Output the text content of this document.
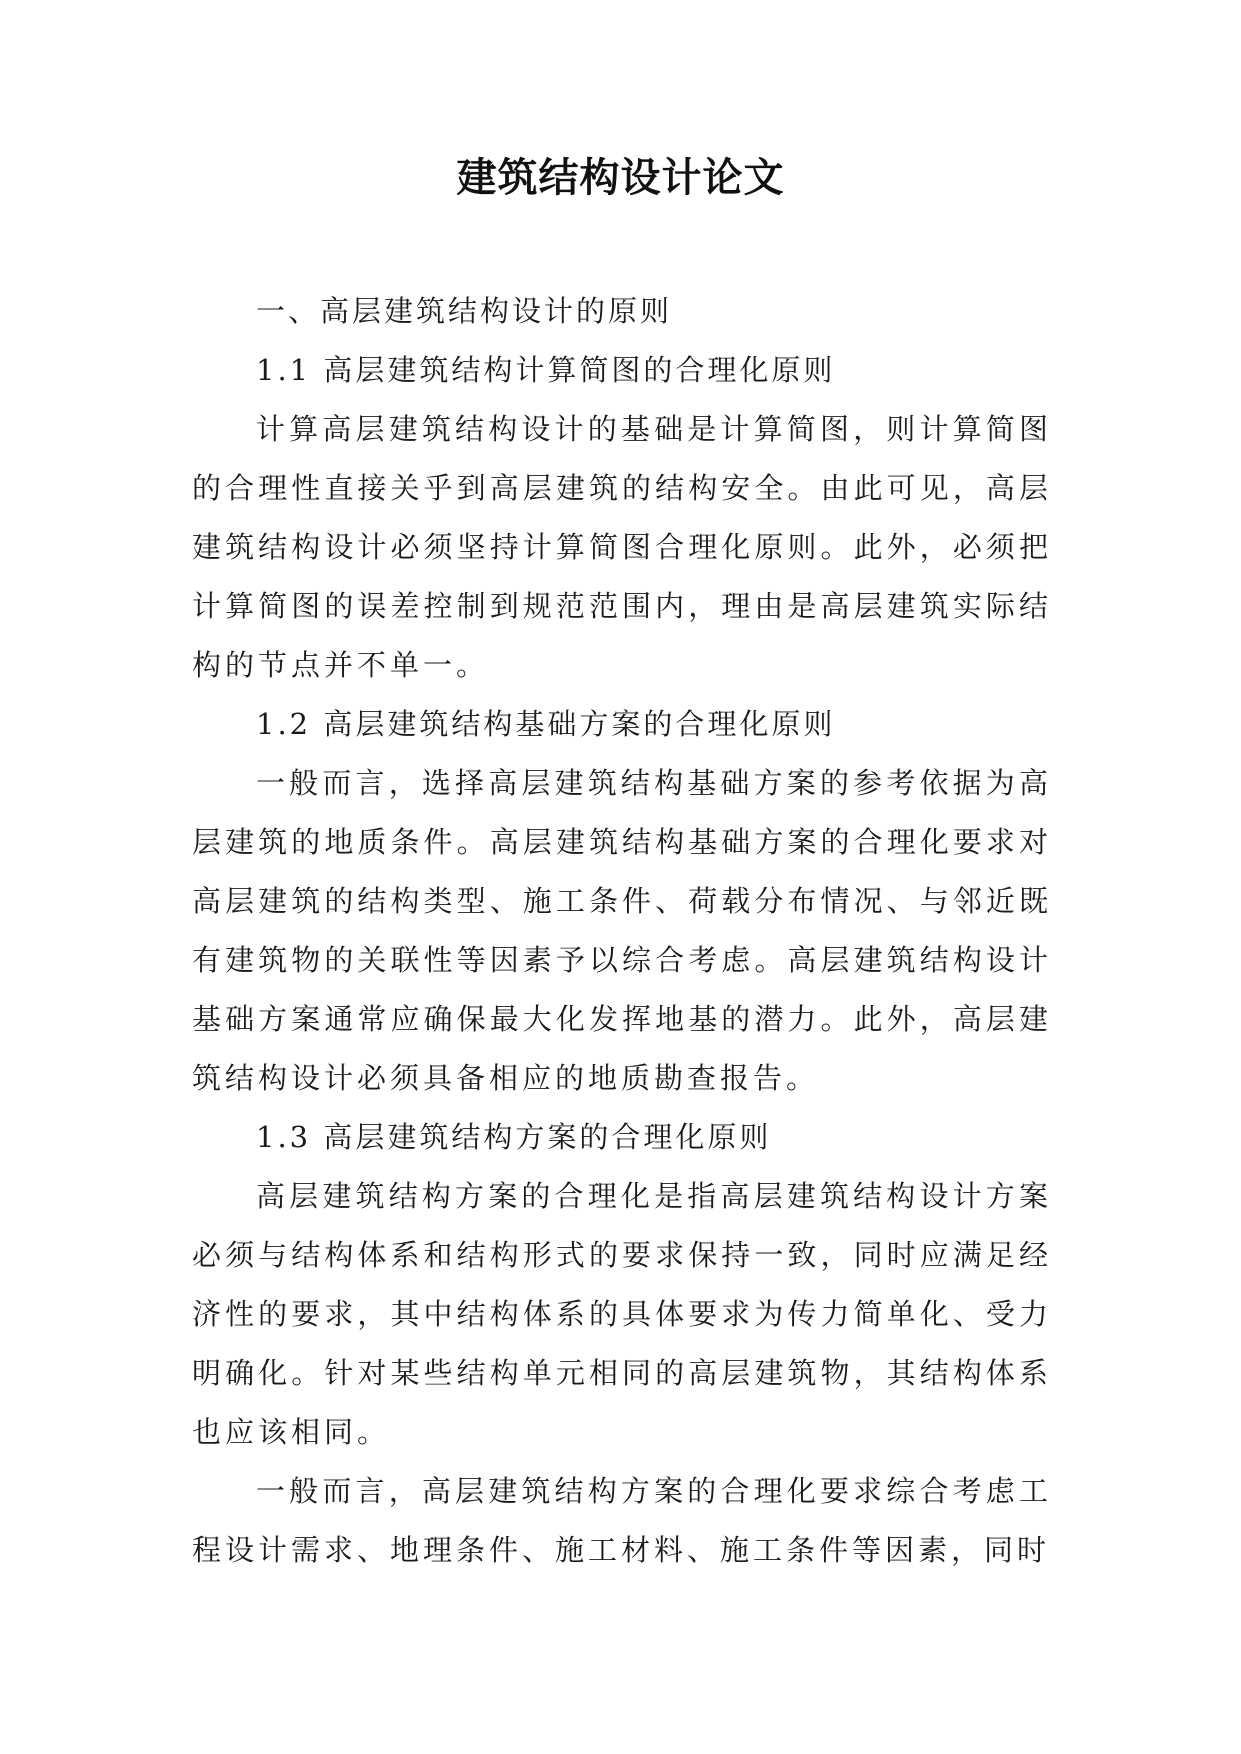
建筑结构设计论文

一、高层建筑结构设计的原则

1.1 高层建筑结构计算简图的合理化原则

计算高层建筑结构设计的基础是计算简图，则计算简图的合理性直接关乎到高层建筑的结构安全。由此可见，高层建筑结构设计必须坚持计算简图合理化原则。此外，必须把计算简图的误差控制到规范范围内，理由是高层建筑实际结构的节点并不单一。

1.2 高层建筑结构基础方案的合理化原则

一般而言，选择高层建筑结构基础方案的参考依据为高层建筑的地质条件。高层建筑结构基础方案的合理化要求对高层建筑的结构类型、施工条件、荷载分布情况、与邻近既有建筑物的关联性等因素予以综合考虑。高层建筑结构设计基础方案通常应确保最大化发挥地基的潜力。此外，高层建筑结构设计必须具备相应的地质勘查报告。

1.3 高层建筑结构方案的合理化原则

高层建筑结构方案的合理化是指高层建筑结构设计方案必须与结构体系和结构形式的要求保持一致，同时应满足经济性的要求，其中结构体系的具体要求为传力简单化、受力明确化。针对某些结构单元相同的高层建筑物，其结构体系也应该相同。

一般而言，高层建筑结构方案的合理化要求综合考虑工程设计需求、地理条件、施工材料、施工条件等因素，同时
